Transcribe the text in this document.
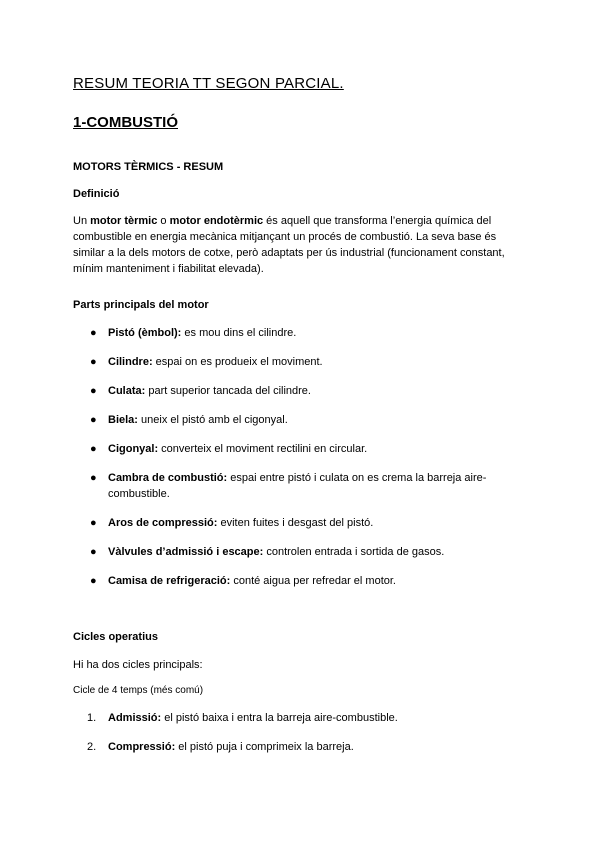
RESUM TEORIA TT SEGON PARCIAL.
1-COMBUSTIÓ
MOTORS TÈRMICS - RESUM
Definició

Un motor tèrmic o motor endotèrmic és aquell que transforma l’energia química del combustible en energia mecànica mitjançant un procés de combustió. La seva base és similar a la dels motors de cotxe, però adaptats per ús industrial (funcionament constant, mínim manteniment i fiabilitat elevada).

Parts principals del motor
● Pistó (èmbol): es mou dins el cilindre.
● Cilindre: espai on es produeix el moviment.
● Culata: part superior tancada del cilindre.
● Biela: uneix el pistó amb el cigonyal.
● Cigonyal: converteix el moviment rectilini en circular.
● Cambra de combustió: espai entre pistó i culata on es crema la barreja aire-combustible.
● Aros de compressió: eviten fuites i desgast del pistó.
● Vàlvules d’admissió i escape: controlen entrada i sortida de gasos.
● Camisa de refrigeració: conté aigua per refredar el motor.
Cicles operatius

Hi ha dos cicles principals:

Cicle de 4 temps (més comú)
1. Admissió: el pistó baixa i entra la barreja aire-combustible.
2. Compressió: el pistó puja i comprimeix la barreja.
